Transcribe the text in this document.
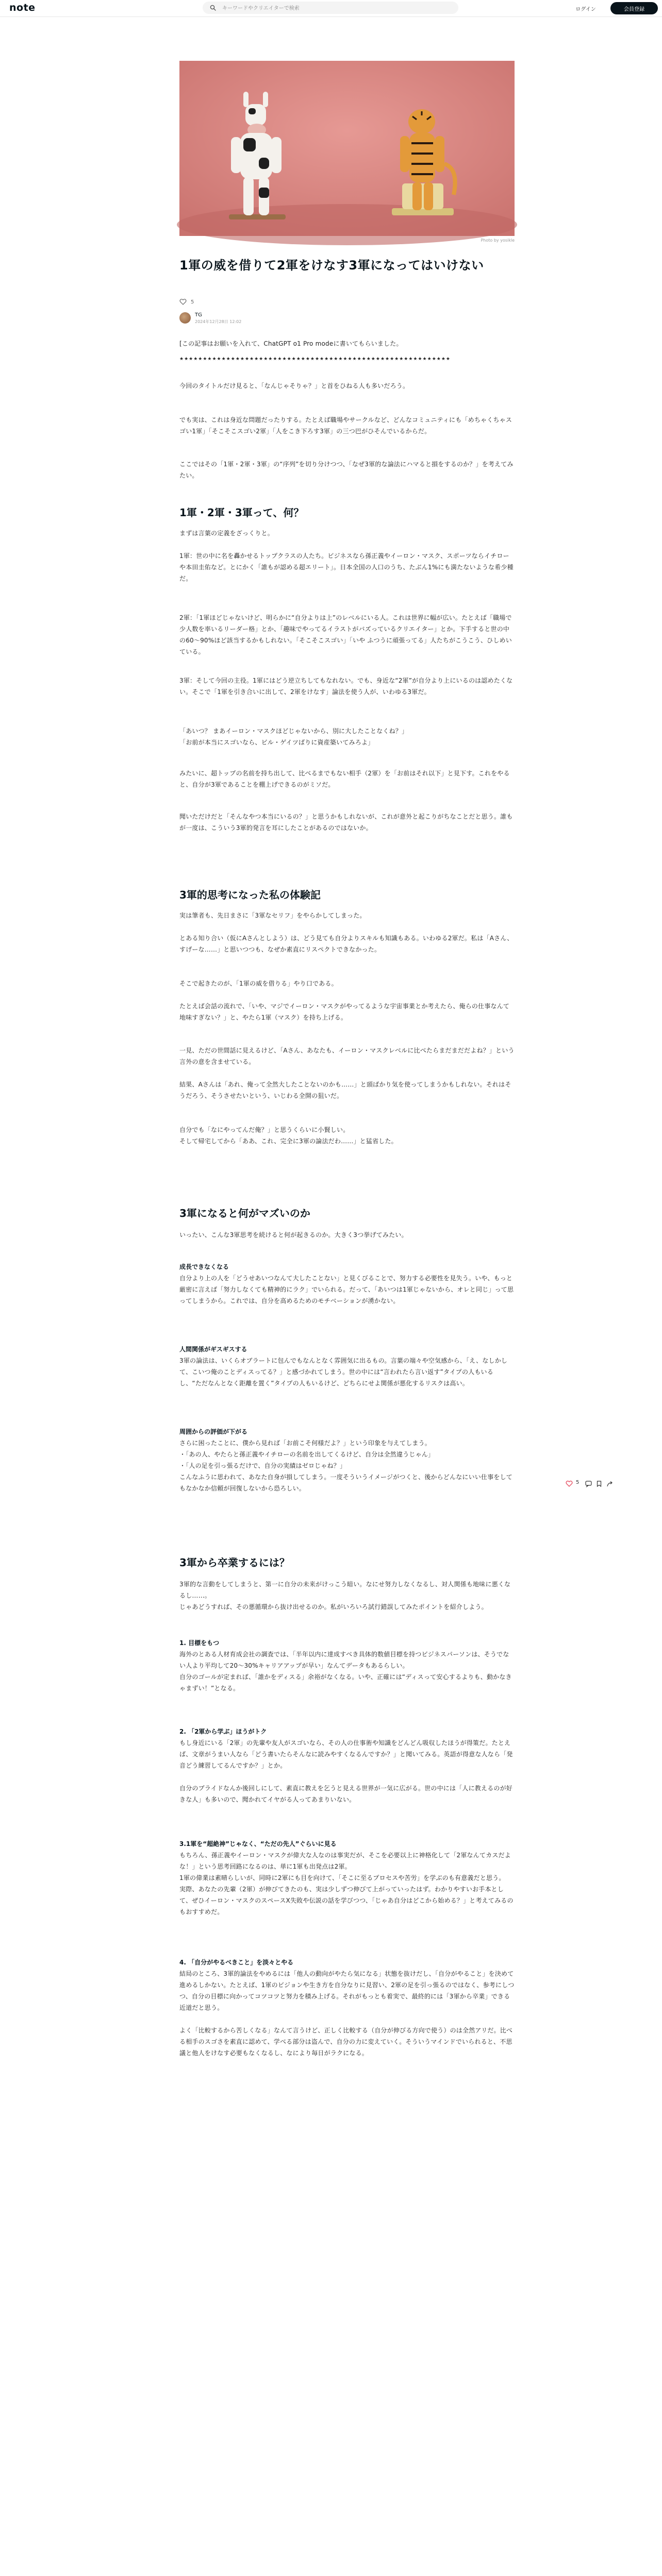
note
キーワードやクリエイターで検索	ログイン	会員登録
Photo by yosikle
1軍の威を借りて2軍をけなす3軍になってはいけない
5
TG
2024年12月28日 12:02

[この記事はお願いを入れて、ChatGPT o1 Pro modeに書いてもらいました。

★★★★★★★★★★★★★★★★★★★★★★★★★★★★★★★★★★★★★★★★★★★★★★★★★★★★★★★★★★

今回のタイトルだけ見ると、「なんじゃそりゃ？」と首をひねる人も多いだろう。

でも実は、これは身近な問題だったりする。たとえば職場やサークルなど、どんなコミュニティにも「めちゃくちゃスゴい1軍」「そこそこスゴい2軍」「人をこき下ろす3軍」の三つ巴がひそんでいるからだ。

ここではその「1軍・2軍・3軍」の“序列”を切り分けつつ、「なぜ3軍的な論法にハマると損をするのか？」を考えてみたい。

1軍・2軍・3軍って、何？

まずは言葉の定義をざっくりと。

1軍：世の中に名を轟かせるトップクラスの人たち。ビジネスなら孫正義やイーロン・マスク、スポーツならイチローや本田圭佑など。とにかく「誰もが認める超エリート」。日本全国の人口のうち、たぶん1%にも満たないような希少種だ。

2軍：「1軍ほどじゃないけど、明らかに“自分よりは上”のレベルにいる人。これは世界に幅が広い。たとえば「職場で少人数を率いるリーダー格」とか、「趣味でやってるイラストがバズっているクリエイター」とか。下手すると世の中の60〜90%ほど該当するかもしれない。「そこそこスゴい」「いや ふつうに頑張ってる」人たちがこうこう、ひしめいている。

3軍：そして今回の主役。1軍にはどう逆立ちしてもなれない。でも、身近な“2軍”が自分より上にいるのは認めたくない。そこで「1軍を引き合いに出して、2軍をけなす」論法を使う人が、いわゆる3軍だ。

「あいつ？ まあイーロン・マスクほどじゃないから、別に大したことなくね？」
「お前が本当にスゴいなら、ビル・ゲイツばりに資産築いてみろよ」

みたいに、超トップの名前を持ち出して、比べるまでもない相手（2軍）を「お前はそれ以下」と見下す。これをやると、自分が3軍であることを棚上げできるのがミソだ。

聞いただけだと「そんなやつ本当にいるの？」と思うかもしれないが、これが意外と起こりがちなことだと思う。誰もが一度は、こういう3軍的発言を耳にしたことがあるのではないか。

3軍的思考になった私の体験記

実は筆者も、先日まさに「3軍なセリフ」をやらかしてしまった。

とある知り合い（仮にAさんとしよう）は、どう見ても自分よりスキルも知識もある。いわゆる2軍だ。私は「Aさん、すげーな……」と思いつつも、なぜか素直にリスペクトできなかった。

そこで起きたのが、「1軍の威を借りる」やり口である。

たとえば会話の流れで、「いや、マジでイーロン・マスクがやってるような宇宙事業とか考えたら、俺らの仕事なんて地味すぎない？」と、やたら1軍（マスク）を持ち上げる。

一見、ただの世間話に見えるけど、「Aさん、あなたも、イーロン・マスクレベルに比べたらまだまだだよね？」という言外の意を含ませている。

結果、Aさんは「あれ、俺って全然大したことないのかも……」と頭ばかり気を使ってしまうかもしれない。それはそうだろう、そうさせたいという、いじわる全開の狙いだ。

自分でも「なにやってんだ俺？」と思うくらいに小賢しい。
そして帰宅してから「ああ、これ、完全に3軍の論法だわ……」と猛省した。

3軍になると何がマズいのか

いったい、こんな3軍思考を続けると何が起きるのか。大きく3つ挙げてみたい。

成長できなくなる

自分より上の人を「どうせあいつなんて大したことない」と見くびることで、努力する必要性を見失う。いや、もっと厳密に言えば「努力しなくても精神的にラク」でいられる。だって、「あいつは1軍じゃないから、オレと同じ」って思ってしまうから。これでは、自分を高めるためのモチベーションが湧かない。

人間関係がギスギスする

3軍の論法は、いくらオブラートに包んでもなんとなく雰囲気に出るもの。言葉の端々や空気感から、「え、なしかして、こいつ俺のことディスってる？」と感づかれてしまう。世の中には“言われたら言い返す”タイプの人もいるし、“ただなんとなく距離を置く”タイプの人もいるけど、どちらにせよ関係が悪化するリスクは高い。

周囲からの評価が下がる

さらに困ったことに、僕から見れば「お前こそ何様だよ？」という印象を与えてしまう。
・「あの人、やたらと孫正義やイチローの名前を出してくるけど、自分は全然違うじゃん」
・「人の足を引っ張るだけで、自分の実績はゼロじゃね？」
こんなふうに思われて、あなた自身が損してしまう。一度そういうイメージがつくと、後からどんなにいい仕事をしてもなかなか信頼が回復しないから恐ろしい。

3軍から卒業するには？

3軍的な言動をしてしまうと、第一に自分の未来がけっこう暗い。なにせ努力しなくなるし、対人関係も地味に悪くなるし……。
じゃあどうすれば、その悪循環から抜け出せるのか。私がいろいろ試行錯誤してみたポイントを紹介しよう。

1. 目標をもつ

海外のとある人材育成会社の調査では、「半年以内に達成すべき具体的数値目標を持つビジネスパーソンは、そうでない人より平均して20〜30%キャリアアップが早い」なんてデータもあるらしい。
自分のゴールが定まれば、「誰かをディスる」余裕がなくなる。いや、正確には“ディスって安心するよりも、動かなきゃまずい！”となる。

2. 「2軍から学ぶ」ほうがトク

もし身近にいる「2軍」の先輩や友人がスゴいなら、その人の仕事術や知識をどんどん吸収したほうが得策だ。たとえば、文章がうまい人なら「どう書いたらそんなに読みやすくなるんですか？」と聞いてみる。英語が得意な人なら「発音どう練習してるんですか？」とか。

自分のプライドなんか後回しにして、素直に教えを乞うと見える世界が一気に広がる。世の中には「人に教えるのが好きな人」も多いので、聞かれてイヤがる人ってあまりいない。

3.1軍を“超絶神”じゃなく、“ただの先人”ぐらいに見る

もちろん、孫正義やイーロン・マスクが偉大な人なのは事実だが、そこを必要以上に神格化して「2軍なんてカスだよな！」という思考回路になるのは、単に1軍も出発点は2軍。
1軍の偉業は素晴らしいが、同時に2軍にも目を向けて、「そこに至るプロセスや苦労」を学ぶのも有意義だと思う。
実際、あなたの先輩（2軍）が伸びてきたのも、実は少しずつ伸びて上がっていったはず。わかりやすいお手本として、ぜひイーロン・マスクのスペースX失敗や伝説の話を学びつつ、「じゃあ自分はどこから始める？」と考えてみるのもおすすめだ。

4. 「自分がやるべきこと」を淡々とやる

結局のところ、3軍的論法をやめるには「他人の動向がやたら気になる」状態を抜けだし、「自分がやること」を決めて進めるしかない。たとえば、1軍のビジョンや生き方を自分なりに見習い、2軍の足を引っ張るのではなく、参考にしつつ、自分の目標に向かってコツコツと努力を積み上げる。それがもっとも着実で、最終的には「3軍から卒業」できる近道だと思う。

よく「比較するから苦しくなる」なんて言うけど、正しく比較する（自分が伸びる方向で使う）のは全然アリだ。比べる相手のスゴさを素直に認めて、学べる部分は盗んで、自分の力に変えていく。そういうマインドでいられると、不思議と他人をけなす必要もなくなるし、なにより毎日がラクになる。

5
